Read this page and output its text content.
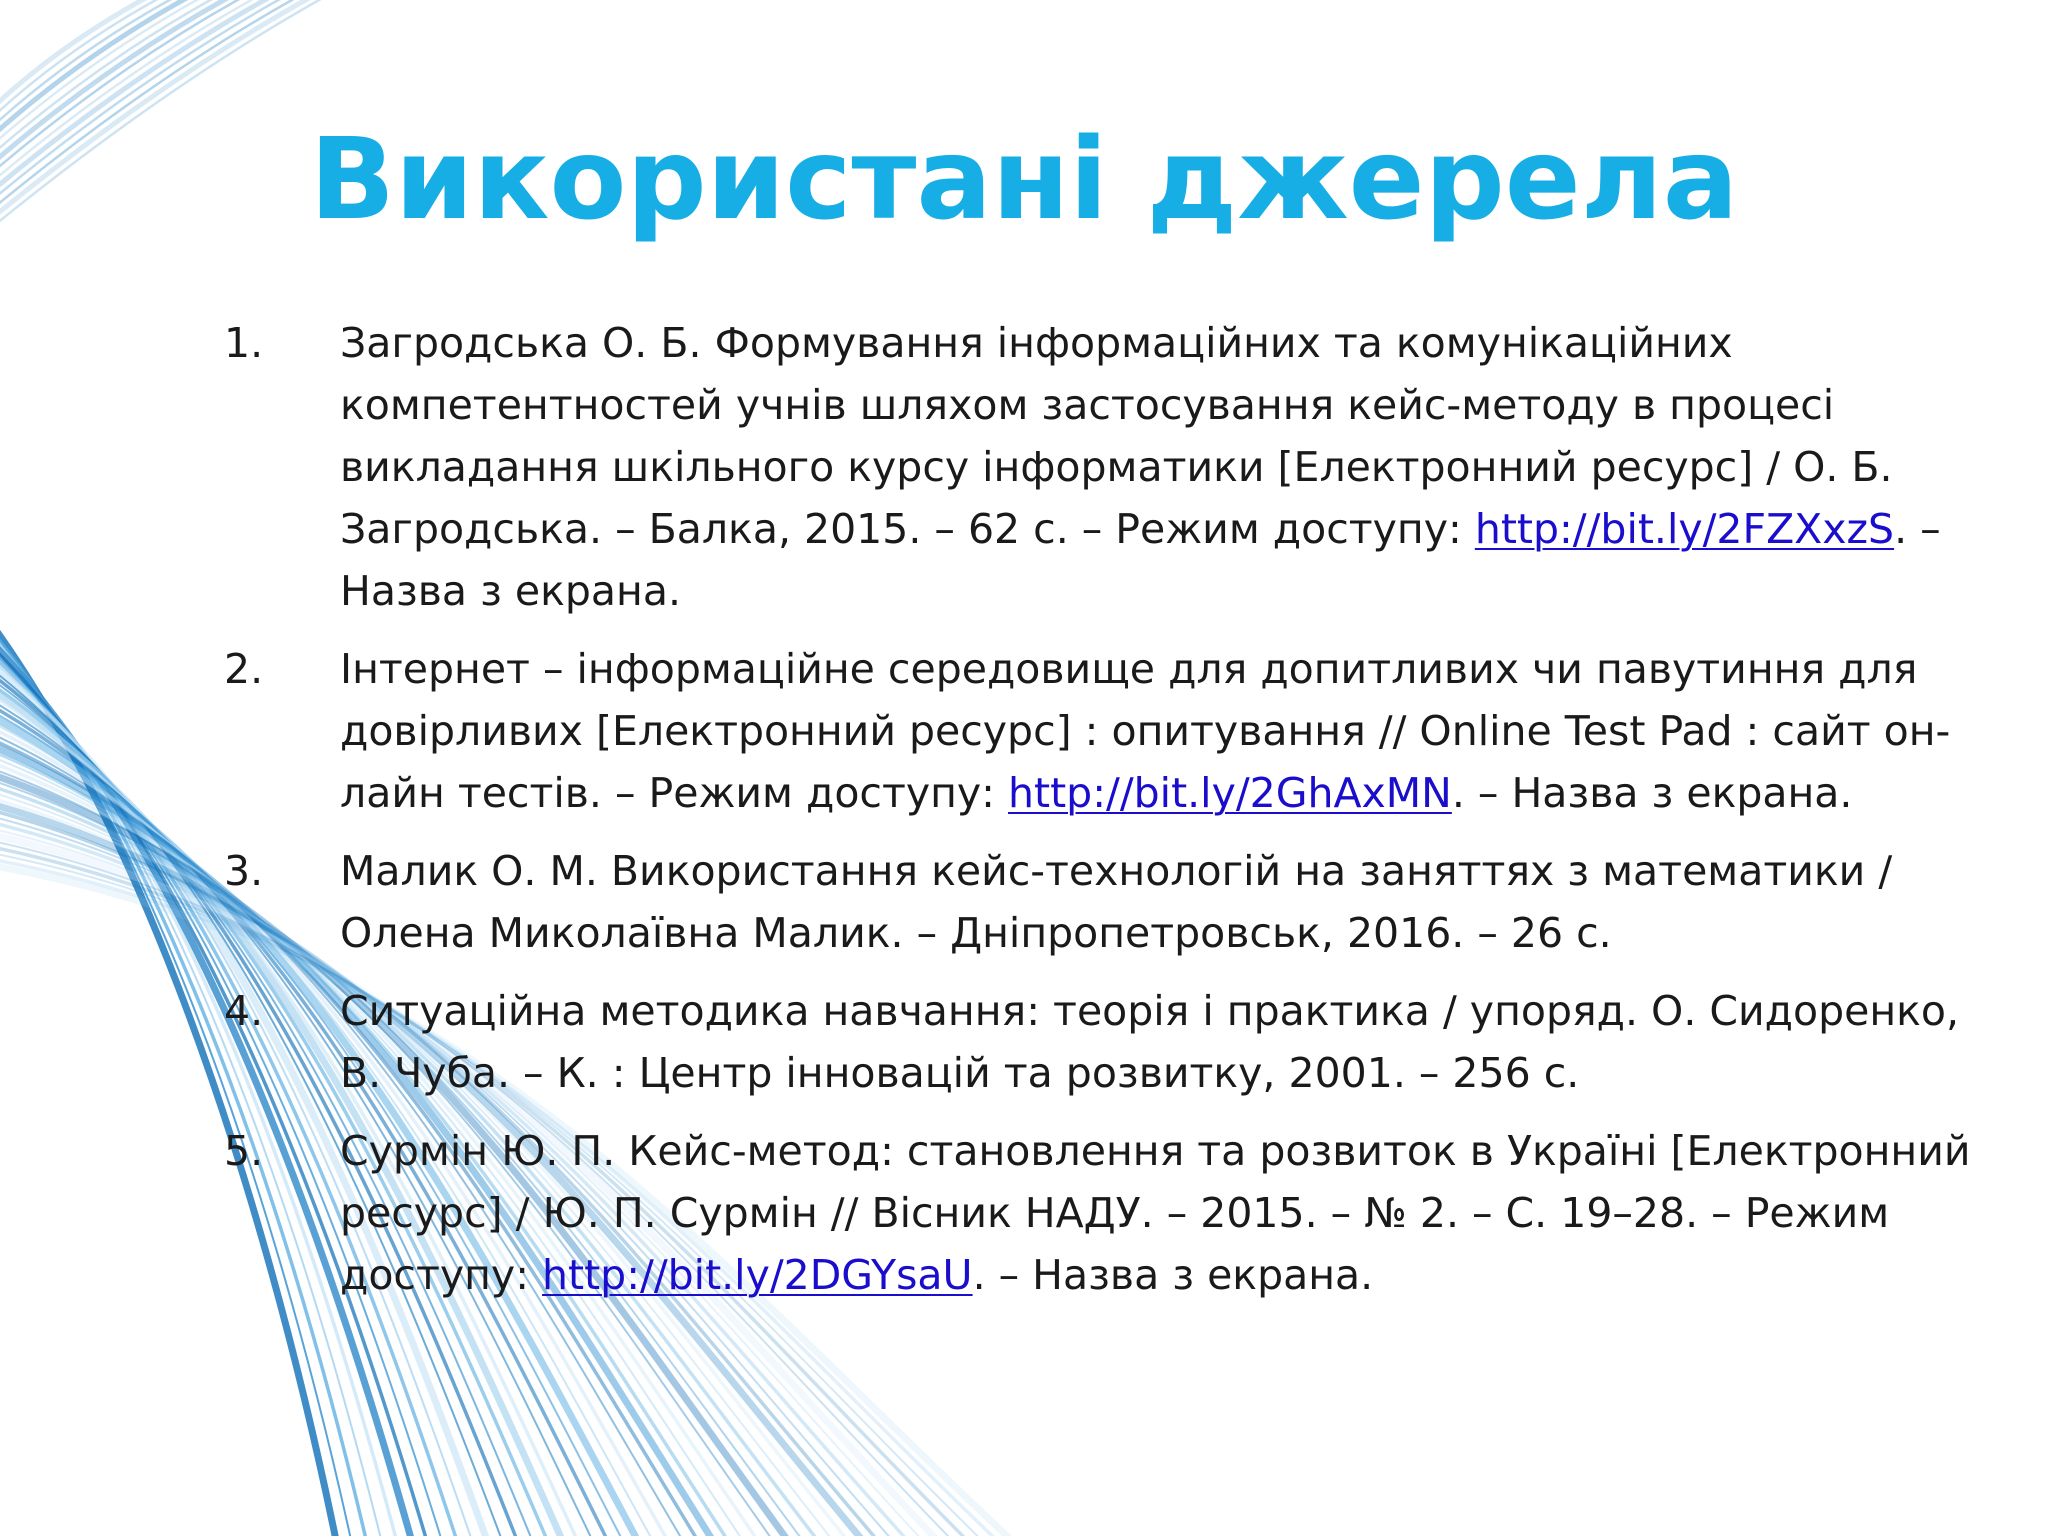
Використані джерела
1.	Загродська О. Б. Формування інформаційних та комунікаційних компетентностей учнів шляхом застосування кейс-методу в процесі викладання шкільного курсу інформатики [Електронний ресурс] / О. Б. Загродська. – Балка, 2015. – 62 с. – Режим доступу: http://bit.ly/2FZXxzS. – Назва з екрана.
2.	Інтернет – інформаційне середовище для допитливих чи павутиння для довірливих [Електронний ресурс] : опитування // Online Test Pad : сайт он-лайн тестів. – Режим доступу: http://bit.ly/2GhAxMN. – Назва з екрана.
3.	Малик О. М. Використання кейс-технологій на заняттях з математики / Олена Миколаївна Малик. – Дніпропетровськ, 2016. – 26 с.
4.	Ситуаційна методика навчання: теорія і практика / упоряд. О. Сидоренко, В. Чуба. – К. : Центр інновацій та розвитку, 2001. – 256 с.
5.	Сурмін Ю. П. Кейс-метод: становлення та розвиток в Україні [Електронний ресурс] / Ю. П. Сурмін // Вісник НАДУ. – 2015. – № 2. – С. 19–28. – Режим доступу: http://bit.ly/2DGYsaU. – Назва з екрана.
